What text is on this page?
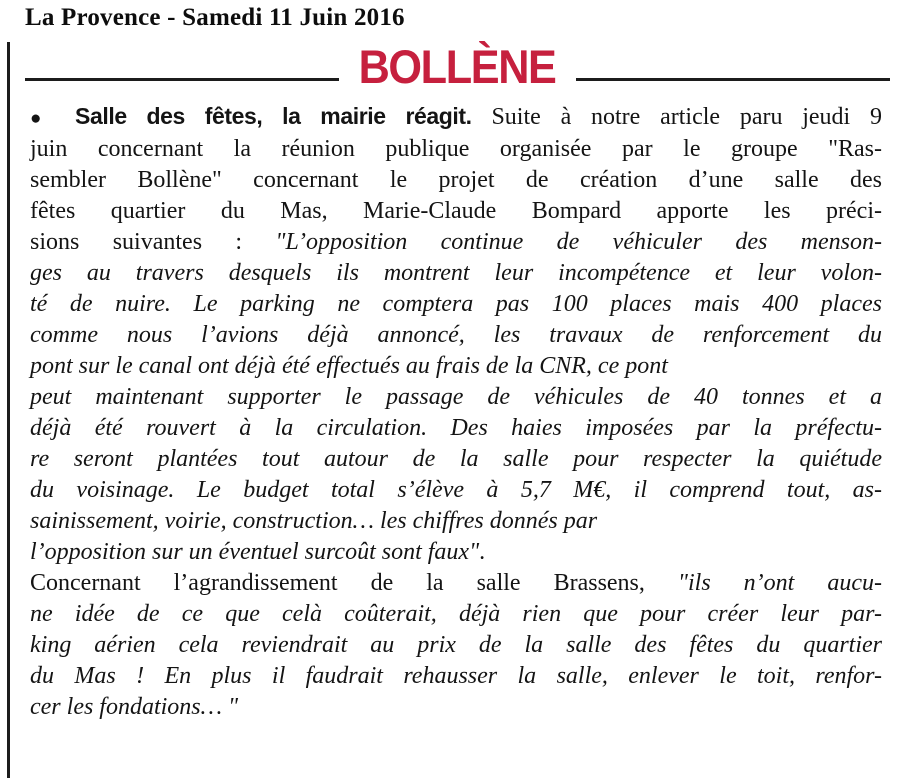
La Provence - Samedi 11 Juin 2016
BOLLÈNE
● Salle des fêtes, la mairie réagit. Suite à notre article paru jeudi 9
juin concernant la réunion publique organisée par le groupe "Ras-
sembler Bollène" concernant le projet de création d’une salle des
fêtes quartier du Mas, Marie-Claude Bompard apporte les préci-
sions suivantes : "L’opposition continue de véhiculer des menson-
ges au travers desquels ils montrent leur incompétence et leur volon-
té de nuire. Le parking ne comptera pas 100 places mais 400 places
comme nous l’avions déjà annoncé, les travaux de renforcement du
pont sur le canal ont déjà été effectués au frais de la CNR, ce pont
peut maintenant supporter le passage de véhicules de 40 tonnes et a
déjà été rouvert à la circulation. Des haies imposées par la préfectu-
re seront plantées tout autour de la salle pour respecter la quiétude
du voisinage. Le budget total s’élève à 5,7 M€, il comprend tout, as-
sainissement, voirie, construction… les chiffres donnés par
l’opposition sur un éventuel surcoût sont faux".
Concernant l’agrandissement de la salle Brassens, "ils n’ont aucu-
ne idée de ce que celà coûterait, déjà rien que pour créer leur par-
king aérien cela reviendrait au prix de la salle des fêtes du quartier
du Mas ! En plus il faudrait rehausser la salle, enlever le toit, renfor-
cer les fondations… "
